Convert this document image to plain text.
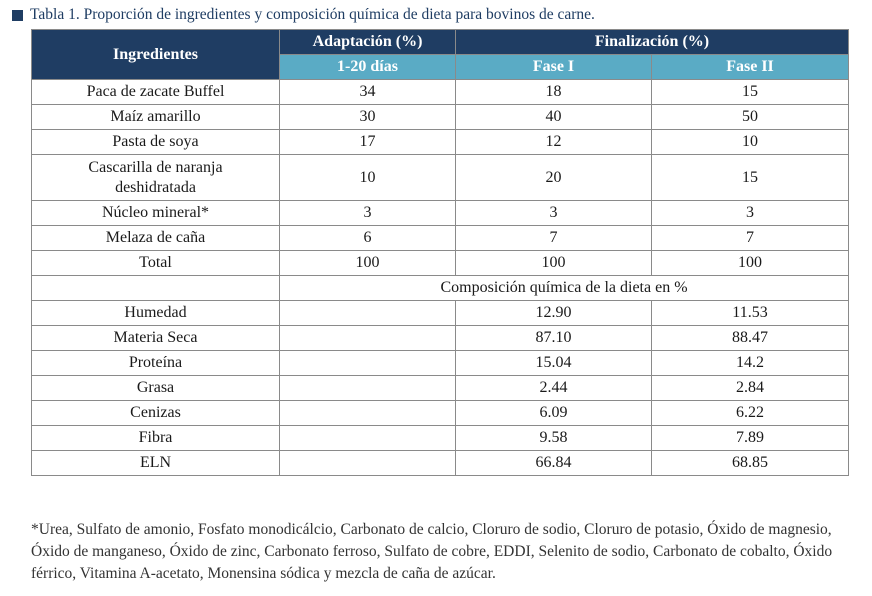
Tabla 1. Proporción de ingredientes y composición química de dieta para bovinos de carne.
Ingredientes	Adaptación (%)	Finalización (%)	
	1-20 días	Fase I	Fase II
Paca de zacate Buffel	34	18	15
Maíz amarillo	30	40	50
Pasta de soya	17	12	10
Cascarilla de naranja deshidratada	10	20	15
Núcleo mineral*	3	3	3
Melaza de caña	6	7	7
Total	100	100	100
	Composición química de la dieta en %		
Humedad		12.90	11.53
Materia Seca		87.10	88.47
Proteína		15.04	14.2
Grasa		2.44	2.84
Cenizas		6.09	6.22
Fibra		9.58	7.89
ELN		66.84	68.85
*Urea, Sulfato de amonio, Fosfato monodicálcio, Carbonato de calcio, Cloruro de sodio, Cloruro de potasio, Óxido de magnesio, Óxido de manganeso, Óxido de zinc, Carbonato ferroso, Sulfato de cobre, EDDI, Selenito de sodio, Carbonato de cobalto, Óxido férrico, Vitamina A-acetato, Monensina sódica y mezcla de caña de azúcar.
